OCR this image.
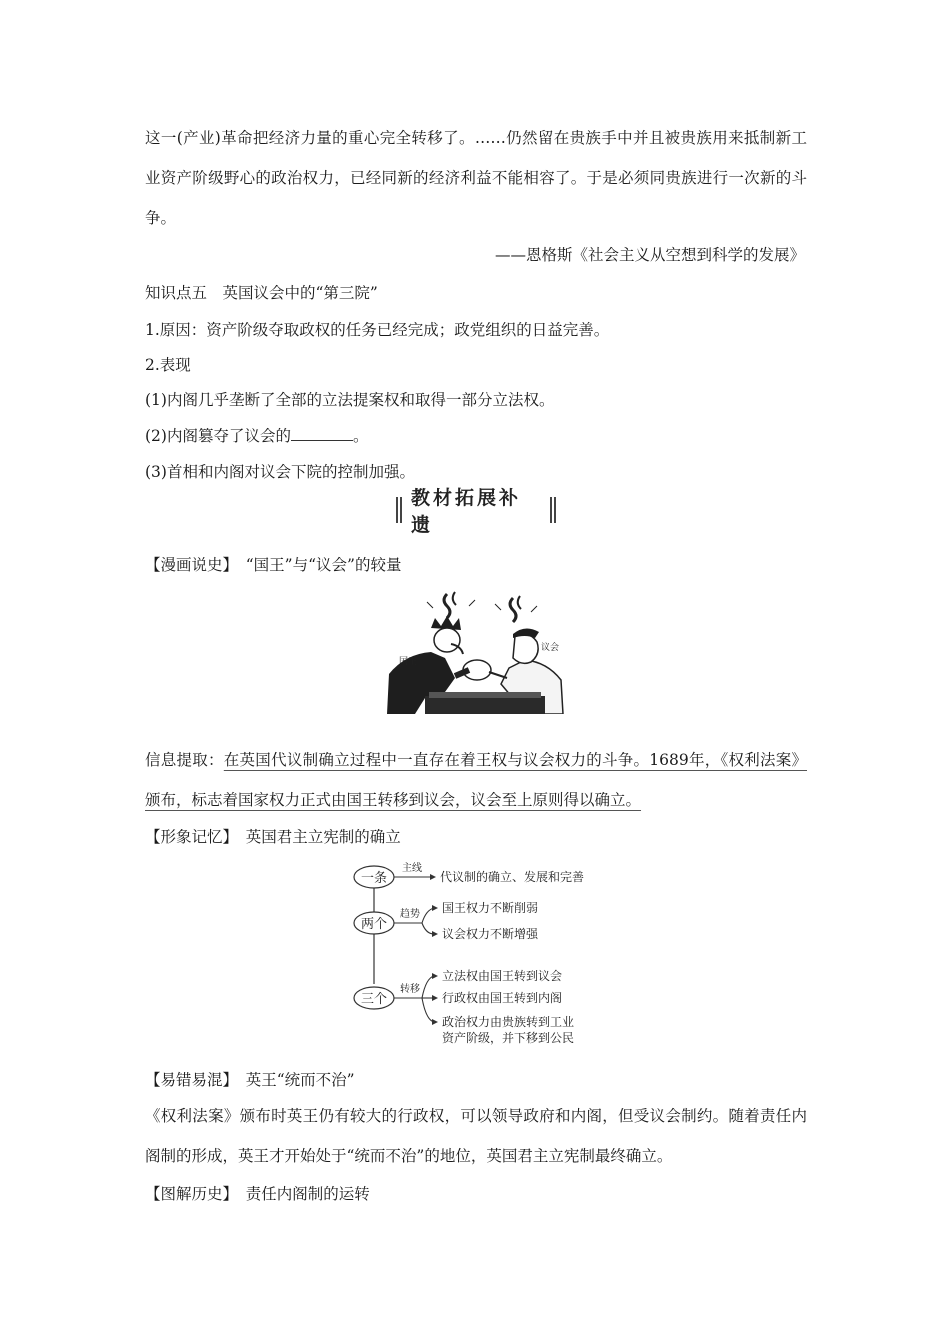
这一(产业)革命把经济力量的重心完全转移了。……仍然留在贵族手中并且被贵族用来抵制新工业资产阶级野心的政治权力，已经同新的经济利益不能相容了。于是必须同贵族进行一次新的斗争。
——恩格斯《社会主义从空想到科学的发展》
知识点五　英国议会中的“第三院”
1.原因：资产阶级夺取政权的任务已经完成；政党组织的日益完善。
2.表现
(1)内阁几乎垄断了全部的立法提案权和取得一部分立法权。
(2)内阁篡夺了议会的	。
(3)首相和内阁对议会下院的控制加强。
教材拓展补遗
【漫画说史】　“国王”与“议会”的较量
国王
议会
信息提取：在英国代议制确立过程中一直存在着王权与议会权力的斗争。1689年，《权利法案》颁布，标志着国家权力正式由国王转移到议会，议会至上原则得以确立。
【形象记忆】　英国君主立宪制的确立
一条
两个
三个
主线
代议制的确立、发展和完善
趋势 国王权力不断削弱
议会权力不断增强
转移
立法权由国王转到议会
行政权由国王转到内阁
政治权力由贵族转到工业
资产阶级，并下移到公民
【易错易混】　英王“统而不治”
《权利法案》颁布时英王仍有较大的行政权，可以领导政府和内阁，但受议会制约。随着责任内阁制的形成，英王才开始处于“统而不治”的地位，英国君主立宪制最终确立。
【图解历史】　责任内阁制的运转
